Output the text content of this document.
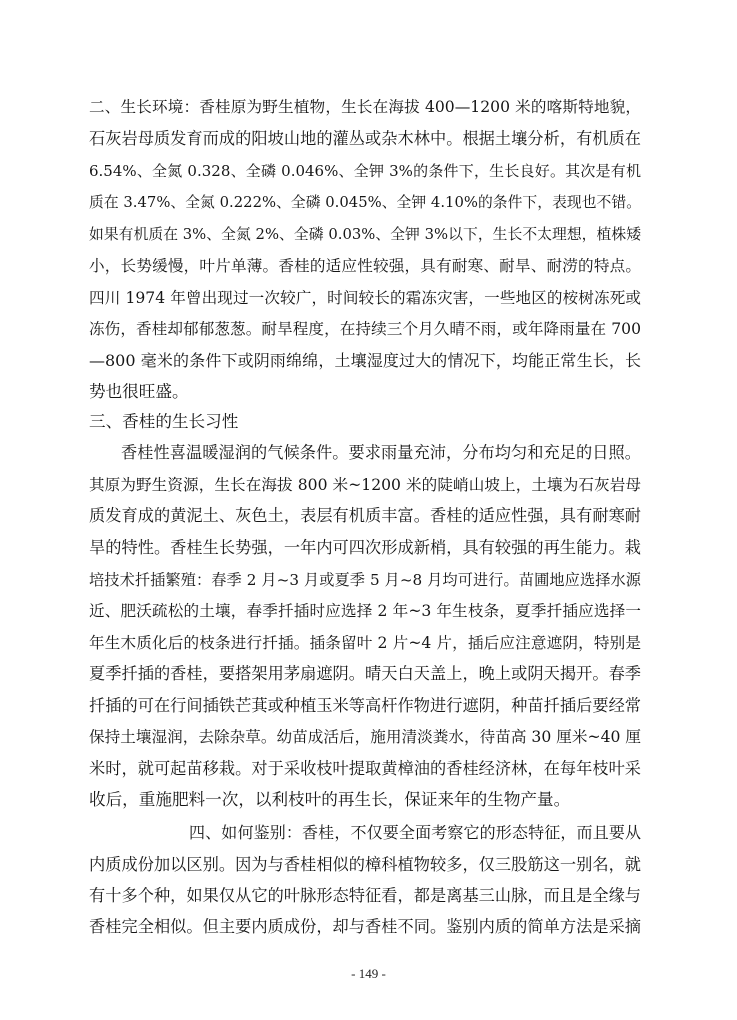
二、生长环境：香桂原为野生植物，生长在海拔 400—1200 米的喀斯特地貌，
石灰岩母质发育而成的阳坡山地的灌丛或杂木林中。根据土壤分析，有机质在
6.54%、全氮 0.328、全磷 0.046%、全钾 3%的条件下，生长良好。其次是有机
质在 3.47%、全氮 0.222%、全磷 0.045%、全钾 4.10%的条件下，表现也不错。
如果有机质在 3%、全氮 2%、全磷 0.03%、全钾 3%以下，生长不太理想，植株矮
小，长势缓慢，叶片单薄。香桂的适应性较强，具有耐寒、耐旱、耐涝的特点。
四川 1974 年曾出现过一次较广，时间较长的霜冻灾害，一些地区的桉树冻死或
冻伤，香桂却郁郁葱葱。耐旱程度，在持续三个月久晴不雨，或年降雨量在 700
—800 毫米的条件下或阴雨绵绵，土壤湿度过大的情况下，均能正常生长，长
势也很旺盛。
三、香桂的生长习性
香桂性喜温暖湿润的气候条件。要求雨量充沛，分布均匀和充足的日照。
其原为野生资源，生长在海拔 800 米~1200 米的陡峭山坡上，土壤为石灰岩母
质发育成的黄泥土、灰色土，表层有机质丰富。香桂的适应性强，具有耐寒耐
旱的特性。香桂生长势强，一年内可四次形成新梢，具有较强的再生能力。栽
培技术扦插繁殖：春季 2 月~3 月或夏季 5 月~8 月均可进行。苗圃地应选择水源
近、肥沃疏松的土壤，春季扦插时应选择 2 年~3 年生枝条，夏季扦插应选择一
年生木质化后的枝条进行扦插。插条留叶 2 片~4 片，插后应注意遮阴，特别是
夏季扦插的香桂，要搭架用茅扇遮阴。晴天白天盖上，晚上或阴天揭开。春季
扦插的可在行间插铁芒萁或种植玉米等高杆作物进行遮阴，种苗扦插后要经常
保持土壤湿润，去除杂草。幼苗成活后，施用清淡粪水，待苗高 30 厘米~40 厘
米时，就可起苗移栽。对于采收枝叶提取黄樟油的香桂经济林，在每年枝叶采
收后，重施肥料一次，以利枝叶的再生长，保证来年的生物产量。
四、如何鉴别：香桂，不仅要全面考察它的形态特征，而且要从
内质成份加以区别。因为与香桂相似的樟科植物较多，仅三股筋这一别名，就
有十多个种，如果仅从它的叶脉形态特征看，都是离基三山脉，而且是全缘与
香桂完全相似。但主要内质成份，却与香桂不同。鉴别内质的简单方法是采摘
- 149 -
